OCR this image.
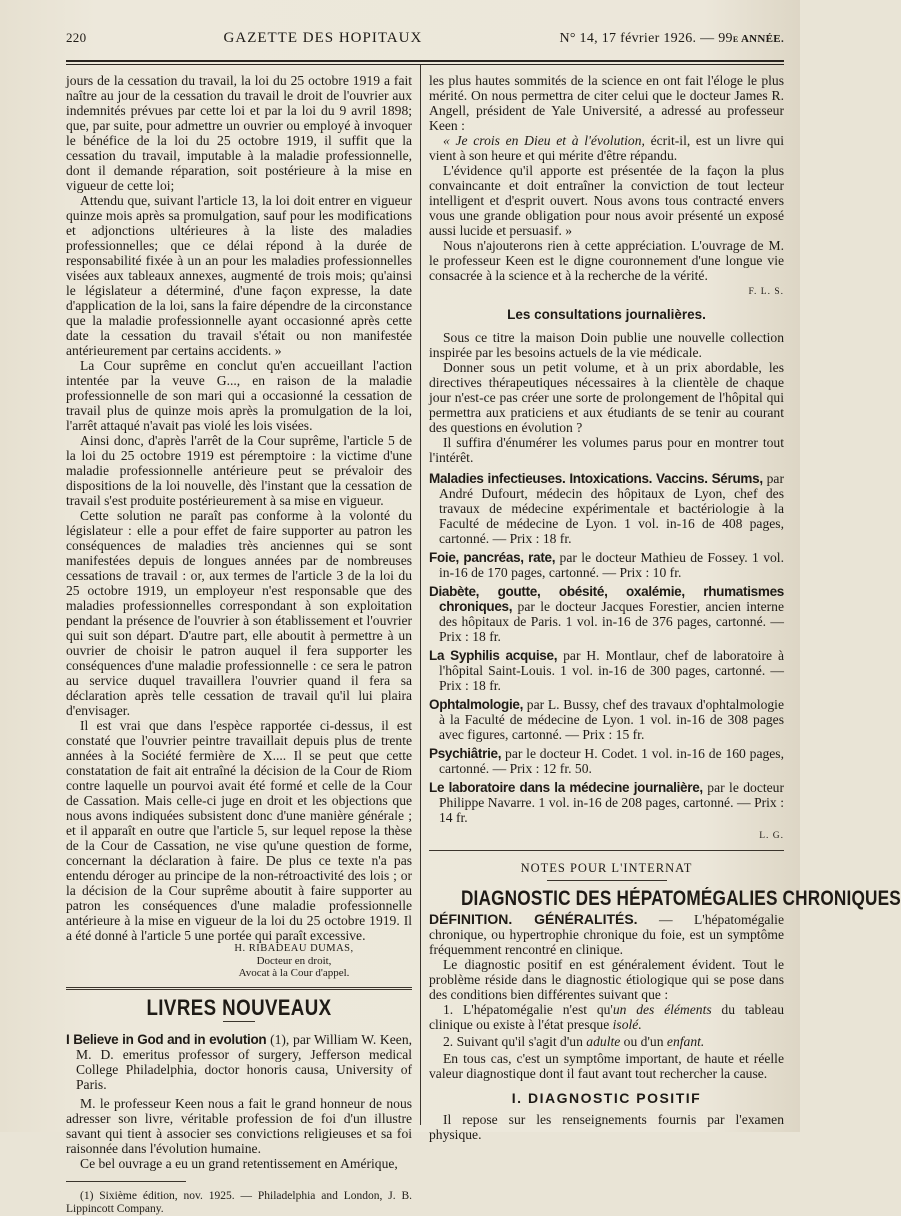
220	GAZETTE DES HOPITAUX	N° 14, 17 février 1926. — 99e ANNÉE.

jours de la cessation du travail, la loi du 25 octobre 1919 a fait naître au jour de la cessation du travail le droit de l'ouvrier aux indemnités prévues par cette loi et par la loi du 9 avril 1898; que, par suite, pour admettre un ouvrier ou employé à invoquer le bénéfice de la loi du 25 octobre 1919, il suffit que la cessation du travail, imputable à la maladie professionnelle, dont il demande réparation, soit postérieure à la mise en vigueur de cette loi;

Attendu que, suivant l'article 13, la loi doit entrer en vigueur quinze mois après sa promulgation, sauf pour les modifications et adjonctions ultérieures à la liste des maladies professionnelles; que ce délai répond à la durée de responsabilité fixée à un an pour les maladies professionnelles visées aux tableaux annexes, augmenté de trois mois; qu'ainsi le législateur a déterminé, d'une façon expresse, la date d'application de la loi, sans la faire dépendre de la circonstance que la maladie professionnelle ayant occasionné après cette date la cessation du travail s'était ou non manifestée antérieurement par certains accidents. »

La Cour suprême en conclut qu'en accueillant l'action intentée par la veuve G..., en raison de la maladie professionnelle de son mari qui a occasionné la cessation de travail plus de quinze mois après la promulgation de la loi, l'arrêt attaqué n'avait pas violé les lois visées.

Ainsi donc, d'après l'arrêt de la Cour suprême, l'article 5 de la loi du 25 octobre 1919 est péremptoire : la victime d'une maladie professionnelle antérieure peut se prévaloir des dispositions de la loi nouvelle, dès l'instant que la cessation de travail s'est produite postérieurement à sa mise en vigueur.

Cette solution ne paraît pas conforme à la volonté du législateur : elle a pour effet de faire supporter au patron les conséquences de maladies très anciennes qui se sont manifestées depuis de longues années par de nombreuses cessations de travail : or, aux termes de l'article 3 de la loi du 25 octobre 1919, un employeur n'est responsable que des maladies professionnelles correspondant à son exploitation pendant la présence de l'ouvrier à son établissement et l'ouvrier qui suit son départ. D'autre part, elle aboutit à permettre à un ouvrier de choisir le patron auquel il fera supporter les conséquences d'une maladie professionnelle : ce sera le patron au service duquel travaillera l'ouvrier quand il fera sa déclaration après telle cessation de travail qu'il lui plaira d'envisager.

Il est vrai que dans l'espèce rapportée ci-dessus, il est constaté que l'ouvrier peintre travaillait depuis plus de trente années à la Société fermière de X.... Il se peut que cette constatation de fait ait entraîné la décision de la Cour de Riom contre laquelle un pourvoi avait été formé et celle de la Cour de Cassation. Mais celle-ci juge en droit et les objections que nous avons indiquées subsistent donc d'une manière générale ; et il apparaît en outre que l'article 5, sur lequel repose la thèse de la Cour de Cassation, ne vise qu'une question de forme, concernant la déclaration à faire. De plus ce texte n'a pas entendu déroger au principe de la non-rétroactivité des lois ; or la décision de la Cour suprême aboutit à faire supporter au patron les conséquences d'une maladie professionnelle antérieure à la mise en vigueur de la loi du 25 octobre 1919. Il a été donné à l'article 5 une portée qui paraît excessive.

H. RIBADEAU DUMAS,
Docteur en droit,
Avocat à la Cour d'appel.
LIVRES NOUVEAUX

I Believe in God and in evolution (1), par William W. Keen, M. D. emeritus professor of surgery, Jefferson medical College Philadelphia, doctor honoris causa, University of Paris.

M. le professeur Keen nous a fait le grand honneur de nous adresser son livre, véritable profession de foi d'un illustre savant qui tient à associer ses convictions religieuses et sa foi raisonnée dans l'évolution humaine.

Ce bel ouvrage a eu un grand retentissement en Amérique,

(1) Sixième édition, nov. 1925. — Philadelphia and London, J. B. Lippincott Company.

les plus hautes sommités de la science en ont fait l'éloge le plus mérité. On nous permettra de citer celui que le docteur James R. Angell, président de Yale Université, a adressé au professeur Keen :

« Je crois en Dieu et à l'évolution, écrit-il, est un livre qui vient à son heure et qui mérite d'être répandu.

L'évidence qu'il apporte est présentée de la façon la plus convaincante et doit entraîner la conviction de tout lecteur intelligent et d'esprit ouvert. Nous avons tous contracté envers vous une grande obligation pour nous avoir présenté un exposé aussi lucide et persuasif. »

Nous n'ajouterons rien à cette appréciation. L'ouvrage de M. le professeur Keen est le digne couronnement d'une longue vie consacrée à la science et à la recherche de la vérité.

F. L. S.
Les consultations journalières.

Sous ce titre la maison Doin publie une nouvelle collection inspirée par les besoins actuels de la vie médicale.

Donner sous un petit volume, et à un prix abordable, les directives thérapeutiques nécessaires à la clientèle de chaque jour n'est-ce pas créer une sorte de prolongement de l'hôpital qui permettra aux praticiens et aux étudiants de se tenir au courant des questions en évolution ?

Il suffira d'énumérer les volumes parus pour en montrer tout l'intérêt.

Maladies infectieuses. Intoxications. Vaccins. Sérums, par André Dufourt, médecin des hôpitaux de Lyon, chef des travaux de médecine expérimentale et bactériologie à la Faculté de médecine de Lyon. 1 vol. in-16 de 408 pages, cartonné. — Prix : 18 fr.

Foie, pancréas, rate, par le docteur Mathieu de Fossey. 1 vol. in-16 de 170 pages, cartonné. — Prix : 10 fr.

Diabète, goutte, obésité, oxalémie, rhumatismes chroniques, par le docteur Jacques Forestier, ancien interne des hôpitaux de Paris. 1 vol. in-16 de 376 pages, cartonné. — Prix : 18 fr.

La Syphilis acquise, par H. Montlaur, chef de laboratoire à l'hôpital Saint-Louis. 1 vol. in-16 de 300 pages, cartonné. — Prix : 18 fr.

Ophtalmologie, par L. Bussy, chef des travaux d'ophtalmologie à la Faculté de médecine de Lyon. 1 vol. in-16 de 308 pages avec figures, cartonné. — Prix : 15 fr.

Psychiâtrie, par le docteur H. Codet. 1 vol. in-16 de 160 pages, cartonné. — Prix : 12 fr. 50.

Le laboratoire dans la médecine journalière, par le docteur Philippe Navarre. 1 vol. in-16 de 208 pages, cartonné. — Prix : 14 fr.

L. G.
NOTES POUR L'INTERNAT
DIAGNOSTIC DES HÉPATOMÉGALIES CHRONIQUES

DÉFINITION. GÉNÉRALITÉS. — L'hépatomégalie chronique, ou hypertrophie chronique du foie, est un symptôme fréquemment rencontré en clinique.

Le diagnostic positif en est généralement évident. Tout le problème réside dans le diagnostic étiologique qui se pose dans des conditions bien différentes suivant que :

1. L'hépatomégalie n'est qu'un des éléments du tableau clinique ou existe à l'état presque isolé.

2. Suivant qu'il s'agit d'un adulte ou d'un enfant.

En tous cas, c'est un symptôme important, de haute et réelle valeur diagnostique dont il faut avant tout rechercher la cause.

I. DIAGNOSTIC POSITIF

Il repose sur les renseignements fournis par l'examen physique.
